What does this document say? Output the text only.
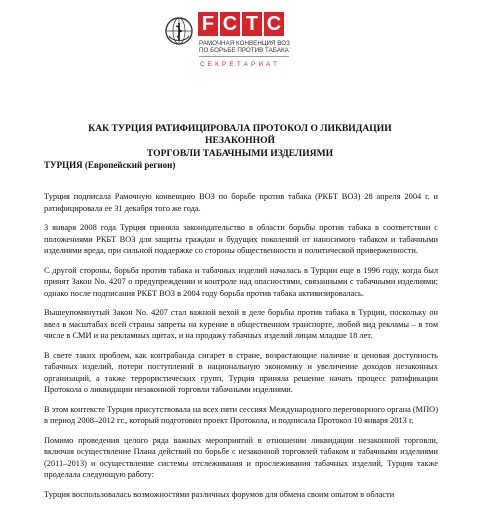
F C T C
РАМОЧНАЯ КОНВЕНЦИЯ ВОЗ
ПО БОРЬБЕ ПРОТИВ ТАБАКА
СЕКРЕТАРИАТ
КАК ТУРЦИЯ РАТИФИЦИРОВАЛА ПРОТОКОЛ О ЛИКВИДАЦИИ НЕЗАКОННОЙ
ТОРГОВЛИ ТАБАЧНЫМИ ИЗДЕЛИЯМИ
ТУРЦИЯ (Европейский регион)

Турция подписала Рамочную конвенцию ВОЗ по борьбе против табака (РКБТ ВОЗ) 28 апреля 2004 г. и ратифицировала ее 31 декабря того же года.

3 января 2008 года Турция приняла законодательство в области борьбы против табака в соответствии с положениями РКБТ ВОЗ для защиты граждан и будущих поколений от наносимого табаком и табачными изделиями вреда, при сильной поддержке со стороны общественности и политической приверженности.

С другой стороны, борьба против табака и табачных изделий началась в Турции еще в 1996 году, когда был принят Закон No. 4207 о предупреждении и контроле над опасностями, связанными с табачными изделиями; однако после подписания РКБТ ВОЗ в 2004 году борьба против табака активизировалась.

Вышеупомянутый Закон No. 4207 стал важной вехой в деле борьбы против табака в Турции, поскольку он ввел в масштабах всей страны запреты на курение в общественном транспорте, любой вид рекламы – в том числе в СМИ и на рекламных щитах, и на продажу табачных изделий лицам младше 18 лет.

В свете таких проблем, как контрабанда сигарет в стране, возрастающие наличие и ценовая доступность табачных изделий, потери поступлений в национальную экономику и увеличение доходов незаконных организаций, а также террористических групп, Турция приняла решение начать процесс ратификации Протокола о ликвидации незаконной торговли табачными изделиями.

В этом контексте Турция присутствовала на всех пяти сессиях Международного переговорного органа (МПО) в период 2008–2012 гг., который подготовил проект Протокола, и подписала Протокол 10 января 2013 г.

Помимо проведения целого ряда важных мероприятий в отношении ликвидации незаконной торговли, включая осуществление Плана действий по борьбе с незаконной торговлей табаком и табачными изделиями (2011–2013) и осуществление системы отслеживания и прослеживания табачных изделий, Турция также проделала следующую работу:

Турция воспользовалась возможностями различных форумов для обмена своим опытом в области
